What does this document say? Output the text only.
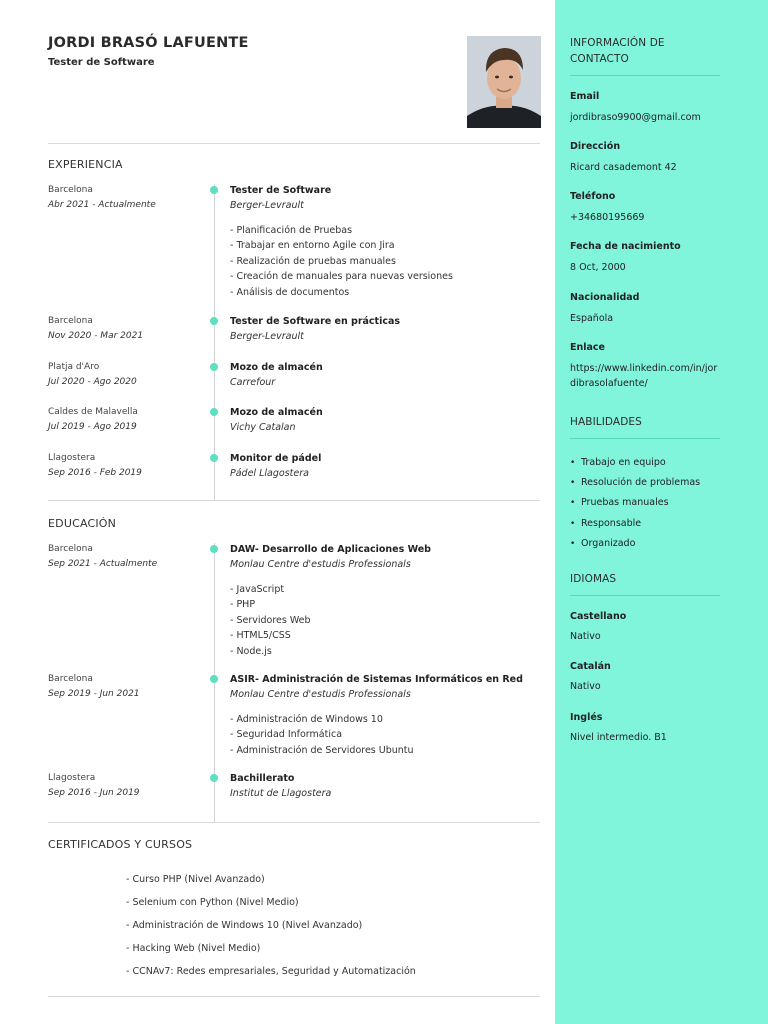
JORDI BRASÓ LAFUENTE
Tester de Software
EXPERIENCIA
Barcelona
Abr 2021 - Actualmente
Tester de Software
Berger-Levrault
- Planificación de Pruebas
- Trabajar en entorno Agile con Jira
- Realización de pruebas manuales
- Creación de manuales para nuevas versiones
- Análisis de documentos
Barcelona
Nov 2020 - Mar 2021
Tester de Software en prácticas
Berger-Levrault
Platja d'Aro
Jul 2020 - Ago 2020
Mozo de almacén
Carrefour
Caldes de Malavella
Jul 2019 - Ago 2019
Mozo de almacén
Vichy Catalan
Llagostera
Sep 2016 - Feb 2019
Monitor de pádel
Pádel Llagostera
EDUCACIÓN
Barcelona
Sep 2021 - Actualmente
DAW- Desarrollo de Aplicaciones Web
Monlau Centre d'estudis Professionals
- JavaScript
- PHP
- Servidores Web
- HTML5/CSS
- Node.js
Barcelona
Sep 2019 - Jun 2021
ASIR- Administración de Sistemas Informáticos en Red
Monlau Centre d'estudis Professionals
- Administración de Windows 10
- Seguridad Informática
- Administración de Servidores Ubuntu
Llagostera
Sep 2016 - Jun 2019
Bachillerato
Institut de Llagostera
CERTIFICADOS Y CURSOS
- Curso PHP (Nivel Avanzado)
- Selenium con Python (Nivel Medio)
- Administración de Windows 10 (Nivel Avanzado)
- Hacking Web (Nivel Medio)
- CCNAv7: Redes empresariales, Seguridad y Automatización
INFORMACIÓN DE CONTACTO
Email
jordibraso9900@gmail.com
Dirección
Ricard casademont 42
Teléfono
+34680195669
Fecha de nacimiento
8 Oct, 2000
Nacionalidad
Española
Enlace
https://www.linkedin.com/in/jordibrasolafuente/
HABILIDADES
• Trabajo en equipo
• Resolución de problemas
• Pruebas manuales
• Responsable
• Organizado
IDIOMAS
Castellano
Nativo
Catalán
Nativo
Inglés
Nivel intermedio. B1
